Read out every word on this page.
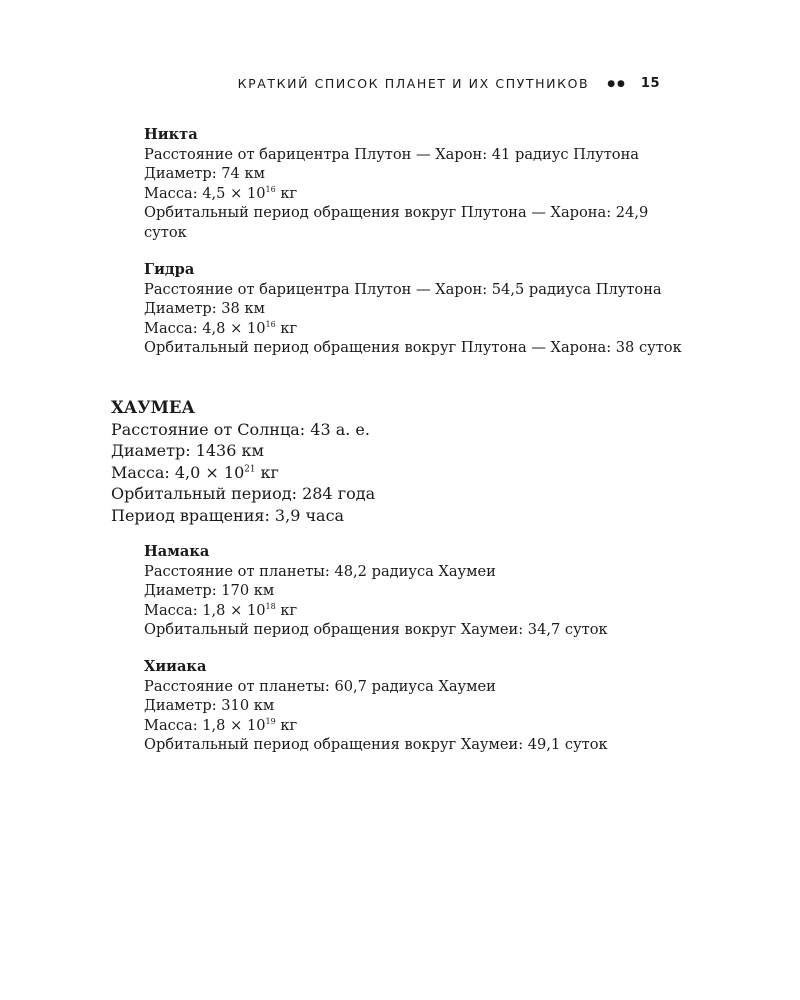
КРАТКИЙ СПИСОК ПЛАНЕТ И ИХ СПУТНИКОВ ●● 15

Никта

Расстояние от барицентра Плутон — Харон: 41 радиус Плутона

Диаметр: 74 км

Масса: $4,5 \times 10^{16}$ кг

Орбитальный период обращения вокруг Плутона — Харона: 24,9 суток

Гидра

Расстояние от барицентра Плутон — Харон: 54,5 радиуса Плутона

Диаметр: 38 км

Масса: $4,8 \times 10^{16}$ кг

Орбитальный период обращения вокруг Плутона — Харона: 38 суток

ХАУМЕА

Расстояние от Солнца: 43 а. е.

Диаметр: 1436 км

Масса: $4,0 \times 10^{21}$ кг

Орбитальный период: 284 года

Период вращения: 3,9 часа

Намака

Расстояние от планеты: 48,2 радиуса Хаумеи

Диаметр: 170 км

Масса: $1,8 \times 10^{18}$ кг

Орбитальный период обращения вокруг Хаумеи: 34,7 суток

Хииака

Расстояние от планеты: 60,7 радиуса Хаумеи

Диаметр: 310 км

Масса: $1,8 \times 10^{19}$ кг

Орбитальный период обращения вокруг Хаумеи: 49,1 суток
